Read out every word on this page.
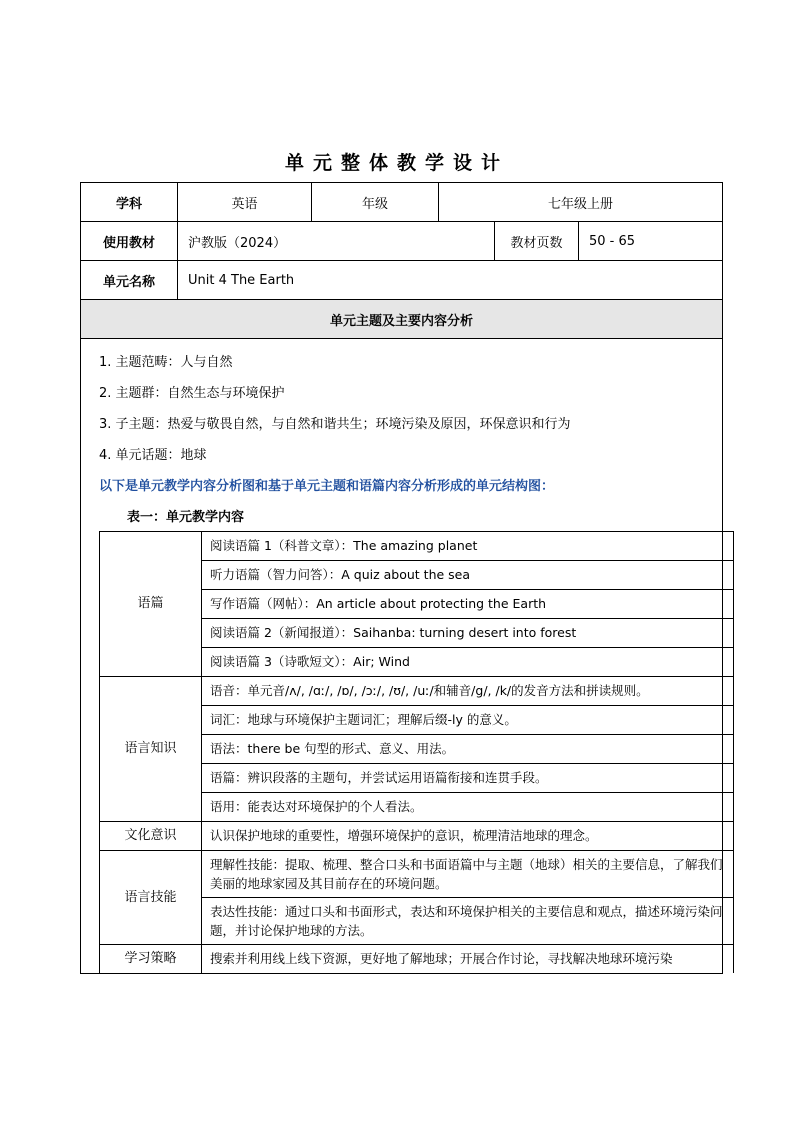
单元整体教学设计
学科	英语	年级	七年级上册
使用教材	沪教版（2024）	教材页数	50 - 65
单元名称	Unit 4 The Earth
单元主题及主要内容分析

1. 主题范畴：人与自然
2. 主题群：自然生态与环境保护
3. 子主题：热爱与敬畏自然，与自然和谐共生；环境污染及原因，环保意识和行为
4. 单元话题：地球
以下是单元教学内容分析图和基于单元主题和语篇内容分析形成的单元结构图：
表一：单元教学内容
语篇	阅读语篇 1（科普文章）：The amazing planet
听力语篇（智力问答）：A quiz about the sea
写作语篇（网帖）：An article about protecting the Earth
阅读语篇 2（新闻报道）：Saihanba: turning desert into forest
阅读语篇 3（诗歌短文）：Air; Wind
语言知识	语音：单元音/ʌ/, /ɑː/, /ɒ/, /ɔː/, /ʊ/, /uː/和辅音/g/, /k/的发音方法和拼读规则。
词汇：地球与环境保护主题词汇；理解后缀-ly 的意义。
语法：there be 句型的形式、意义、用法。
语篇：辨识段落的主题句，并尝试运用语篇衔接和连贯手段。
语用：能表达对环境保护的个人看法。
文化意识	认识保护地球的重要性，增强环境保护的意识，梳理清洁地球的理念。
语言技能	理解性技能：提取、梳理、整合口头和书面语篇中与主题（地球）相关的主要信息，了解我们美丽的地球家园及其目前存在的环境问题。
表达性技能：通过口头和书面形式，表达和环境保护相关的主要信息和观点，描述环境污染问题，并讨论保护地球的方法。
学习策略	搜索并利用线上线下资源，更好地了解地球；开展合作讨论，寻找解决地球环境污染
